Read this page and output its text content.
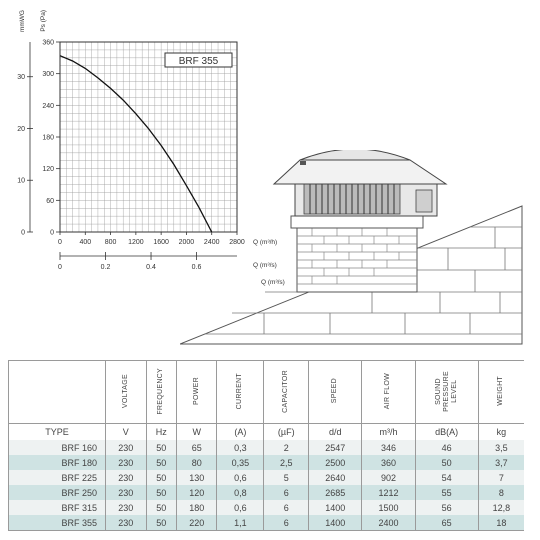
0
60
120
180
240
300
360
0
10
20
30
0 400 800 1200 1600 2000 2400 2800
0	0.2	0.4	0.6
BRF 355
mmWG Ps (Pa)
Q (m³/h)
Q (m³/s)
Q (m³/s)
	VOLTAGE	FREQUENCY	POWER	CURRENT	CAPACITOR	SPEED	AIR FLOW	SOUND
PRESSURE
LEVEL	WEIGHT
TYPE	V	Hz	W	(A)	(µF)	d/d	m³/h	dB(A)	kg
BRF 160	230	50	65	0,3	2	2547	346	46	3,5
BRF 180	230	50	80	0,35	2,5	2500	360	50	3,7
BRF 225	230	50	130	0,6	5	2640	902	54	7
BRF 250	230	50	120	0,8	6	2685	1212	55	8
BRF 315	230	50	180	0,6	6	1400	1500	56	12,8
BRF 355	230	50	220	1,1	6	1400	2400	65	18
